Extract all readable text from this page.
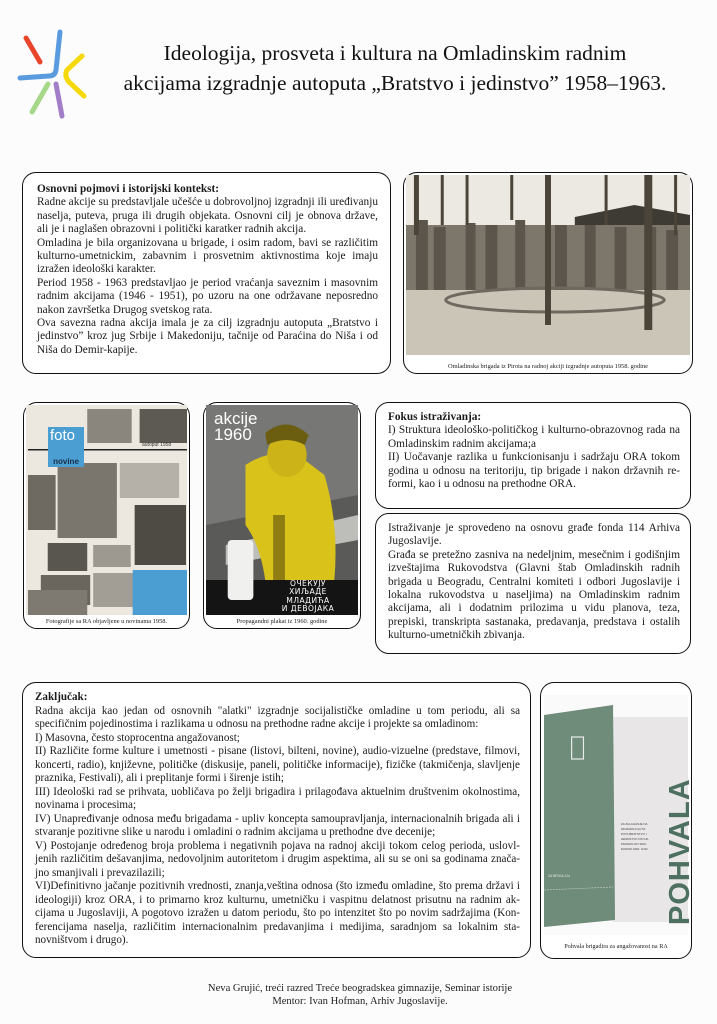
Ideologija, prosveta i kultura na Omladinskim radnim
akcijama izgradnje autoputa „Bratstvo i jedinstvo” 1958–1963.

Osnovni pojmovi i istorijski kontekst:

Radne akcije su predstavljale učešće u dobrovoljnoj izgradnji ili uređivanju naselja, puteva, pruga ili drugih objekata. Osnovni cilj je obnova države, ali je i naglašen obrazovni i politički karatker radnih akcija.

Omladina je bila organizovana u brigade, i osim radom, bavi se različitim kulturno-umetnickim, zabavnim i prosvetnim aktivnostima koje imaju izražen ideološki karakter.

Period 1958 - 1963 predstavljao je period vraćanja saveznim i masovnim radnim akcijama (1946 - 1951), po uzoru na one održavane neposredno nakon završetka Drugog svetskog rata.

Ova savezna radna akcija imala je za cilj izgradnju autoputa „Bratstvo i jedinstvo” kroz jug Srbije i Makedoniju, tačnije od Paraćina do Niša i od Niša do Demir-kapije.

Omladinska brigada iz Pirota na radnoj akciji izgradnje autoputa 1958. godine
foto
novine
autoput 1958
Fotografije sa RA objavljene u novinama 1958.
akcije
1960
ОЧЕКУЈУ
ХИЉАДЕ
МЛАДИЋА
И ДЕВОЈАКА
Propagandni plakat iz 1960. godine

Fokus istraživanja:

I) Struktura ideološko-političkog i kulturno-obrazovnog rada na Omladinskim radnim akcijama;a

II) Uočavanje razlika u funkcionisanju i sadržaju ORA tokom godina u odnosu na teritoriju, tip brigade i nakon državnih reformi, kao i u odnosu na prethodne ORA.

Istraživanje je sprovedeno na osnovu građe fonda 114 Arhiva Jugoslavije.

Građa se pretežno zasniva na nedeljnim, mesečnim i godišnjim izveštajima Rukovodstva (Glavni štab Omladinskih radnih brigada u Beogradu, Centralni komiteti i odbori Jugoslavije i lokalna rukovodstva u naseljima) na Omladinskim radnim akcijama, ali i dodatnim prilozima u vidu planova, teza, prepiski, transkripta sastanaka, predavanja, predstava i ostalih kulturno-umetničkih zbivanja.

Zaključak:

Radna akcija kao jedan od osnovnih "alatki" izgradnje socijalističke omladine u tom periodu, ali sa specifičnim pojedinostima i razlikama u odnosu na prethodne radne akcije i projekte sa omladinom:

I) Masovna, često stoprocentna angažovanost;

II) Različite forme kulture i umetnosti - pisane (listovi, bilteni, novine), audio-vizuelne (predstave, filmovi, koncerti, radio), književne, političke (diskusije, paneli, političke informacije), fizičke (takmičenja, slavljenje praznika, Festivali), ali i preplitanje formi i širenje istih;

III) Ideološki rad se prihvata, uobličava po želji brigadira i prilagođava aktuelnim društvenim okolnostima, novinama i procesima;

IV) Unapređivanje odnosa među brigadama - upliv koncepta samoupravljanja, internacionalnih brigada ali i stvaranje pozitivne slike u narodu i omladini o radnim akcijama u prethodne dve decenije;

V) Postojanje određenog broja problema i negativnih pojava na radnoj akciji tokom celog perioda, uslovljenih različitim dešavanjima, nedovoljnim autoritetom i drugim aspektima, ali su se oni sa godinama značajno smanjivali i prevazilazili;

VI)Definitivno jačanje pozitivnih vrednosti, znanja,veština odnosa (što između omladine, što prema državi i ideologiji) kroz ORA, i to primarno kroz kulturnu, umetničku i vaspitnu delatnost prisutnu na radnim akcijama u Jugoslaviji, A pogotovo izražen u datom periodu, što po intenzitet što po novim sadržajima (Konferencijama naselja, različitim internacionalnim predavanjima i medijima, saradnjom sa lokalnim stanovništvom i drugo).

ZA BRIGA-CU
ZA ZALAGANJE NA
IZGRADNJI AUTO-
PUTA BRATSTVO I
JEDINSTVO OD GR-
PADNOG DO SRO-
DANOM 1962. GOD. POHVALA
Pohvala brigadira za angažovanost na RA
Neva Grujić, treći razred Treće beogradskea gimnazije, Seminar istorije
Mentor: Ivan Hofman, Arhiv Jugoslavije.
